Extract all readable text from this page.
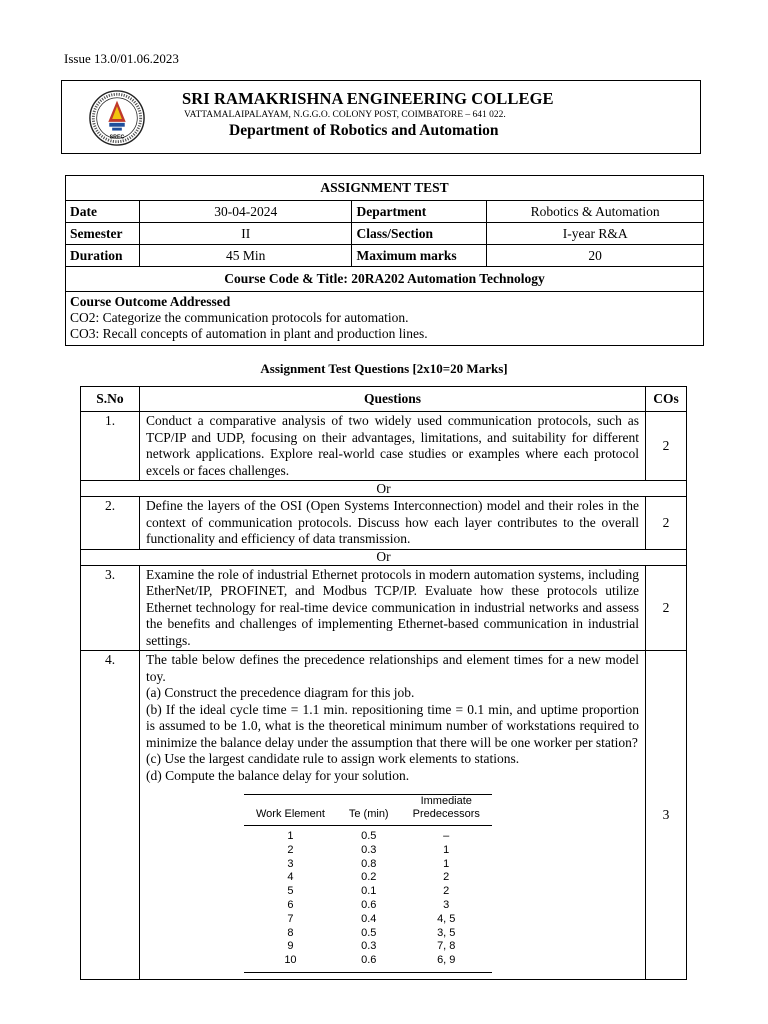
Issue 13.0/01.06.2023
SREC
SRI RAMAKRISHNA ENGINEERING COLLEGE
VATTAMALAIPALAYAM, N.G.G.O. COLONY POST, COIMBATORE – 641 022.
Department of Robotics and Automation
ASSIGNMENT TEST			
Date	30-04-2024	Department	Robotics & Automation
Semester	II	Class/Section	I-year R&A
Duration	45 Min	Maximum marks	20
Course Code & Title: 20RA202 Automation Technology			

Course Outcome Addressed
CO2: Categorize the communication protocols for automation.
CO3: Recall concepts of automation in plant and production lines.			
Assignment Test Questions [2x10=20 Marks]
S.No	Questions	COs
1.	Conduct a comparative analysis of two widely used communication protocols, such as TCP/IP and UDP, focusing on their advantages, limitations, and suitability for different network applications. Explore real-world case studies or examples where each protocol excels or faces challenges.	2
Or
2.	Define the layers of the OSI (Open Systems Interconnection) model and their roles in the context of communication protocols. Discuss how each layer contributes to the overall functionality and efficiency of data transmission.	2
Or
3.	Examine the role of industrial Ethernet protocols in modern automation systems, including EtherNet/IP, PROFINET, and Modbus TCP/IP. Evaluate how these protocols utilize Ethernet technology for real-time device communication in industrial networks and assess the benefits and challenges of implementing Ethernet-based communication in industrial settings.	2
4.	The table below defines the precedence relationships and element times for a new model toy.
(a) Construct the precedence diagram for this job.
(b) If the ideal cycle time = 1.1 min. repositioning time = 0.1 min, and uptime proportion is assumed to be 1.0, what is the theoretical minimum number of workstations required to minimize the balance delay under the assumption that there will be one worker per station?
(c) Use the largest candidate rule to assign work elements to stations.
(d) Compute the balance delay for your solution.
Work Element	Te (min)	
Immediate
Predecessors

1	0.5	–
2	0.3	1
3	0.8	1
4	0.2	2
5	0.1	2
6	0.6	3
7	0.4	4, 5
8	0.5	3, 5
9	0.3	7, 8
10	0.6	6, 9
	3
